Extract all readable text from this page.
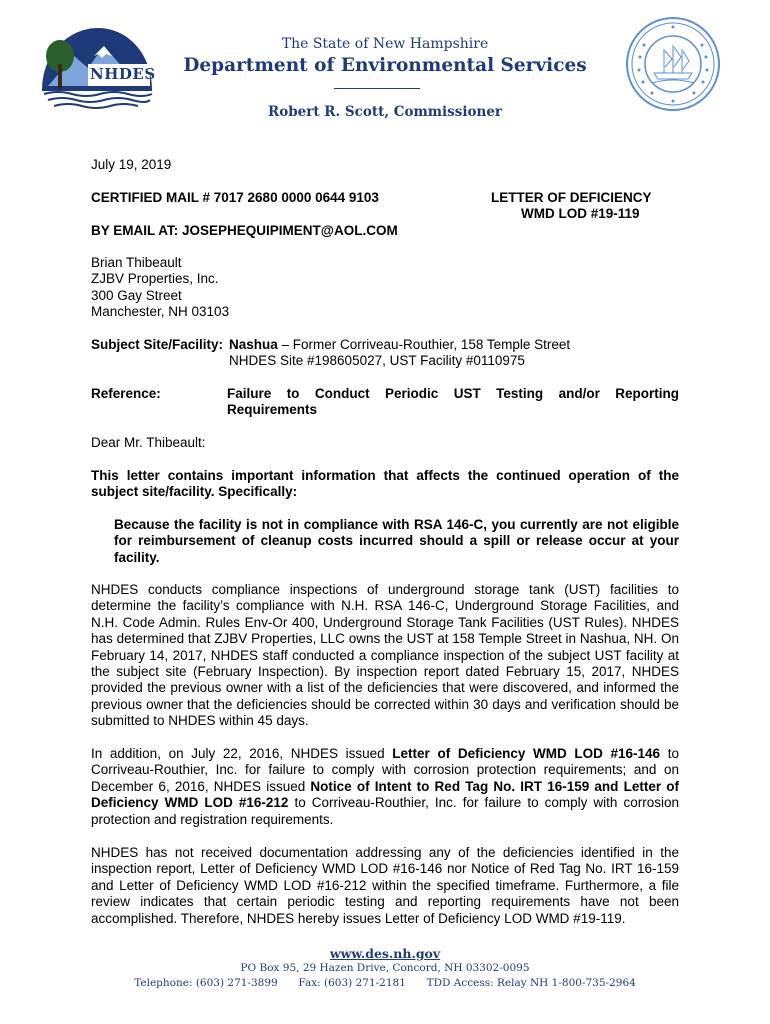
NHDES
The State of New Hampshire
Department of Environmental Services
Robert R. Scott, Commissioner
July 19, 2019
CERTIFIED MAIL # 7017 2680 0000 0644 9103	LETTER OF DEFICIENCY
WMD LOD #19-119
BY EMAIL AT: JOSEPHEQUIPIMENT@AOL.COM
Brian Thibeault
ZJBV Properties, Inc.
300 Gay Street
Manchester, NH 03103
Subject Site/Facility: Nashua – Former Corriveau-Routhier, 158 Temple Street
NHDES Site #198605027, UST Facility #0110975
Reference:	Failure to Conduct Periodic UST Testing and/or Reporting Requirements
Dear Mr. Thibeault:
This letter contains important information that affects the continued operation of the subject site/facility. Specifically:
Because the facility is not in compliance with RSA 146-C, you currently are not eligible for reimbursement of cleanup costs incurred should a spill or release occur at your facility.
NHDES conducts compliance inspections of underground storage tank (UST) facilities to determine the facility’s compliance with N.H. RSA 146-C, Underground Storage Facilities, and N.H. Code Admin. Rules Env-Or 400, Underground Storage Tank Facilities (UST Rules). NHDES has determined that ZJBV Properties, LLC owns the UST at 158 Temple Street in Nashua, NH. On February 14, 2017, NHDES staff conducted a compliance inspection of the subject UST facility at the subject site (February Inspection). By inspection report dated February 15, 2017, NHDES provided the previous owner with a list of the deficiencies that were discovered, and informed the previous owner that the deficiencies should be corrected within 30 days and verification should be submitted to NHDES within 45 days.
In addition, on July 22, 2016, NHDES issued Letter of Deficiency WMD LOD #16-146 to Corriveau-Routhier, Inc. for failure to comply with corrosion protection requirements; and on December 6, 2016, NHDES issued Notice of Intent to Red Tag No. IRT 16-159 and Letter of Deficiency WMD LOD #16-212 to Corriveau-Routhier, Inc. for failure to comply with corrosion protection and registration requirements.
NHDES has not received documentation addressing any of the deficiencies identified in the inspection report, Letter of Deficiency WMD LOD #16-146 nor Notice of Red Tag No. IRT 16-159 and Letter of Deficiency WMD LOD #16-212 within the specified timeframe. Furthermore, a file review indicates that certain periodic testing and reporting requirements have not been accomplished. Therefore, NHDES hereby issues Letter of Deficiency LOD WMD #19-119.
www.des.nh.gov
PO Box 95, 29 Hazen Drive, Concord, NH 03302-0095
Telephone: (603) 271-3899 Fax: (603) 271-2181 TDD Access: Relay NH 1-800-735-2964
